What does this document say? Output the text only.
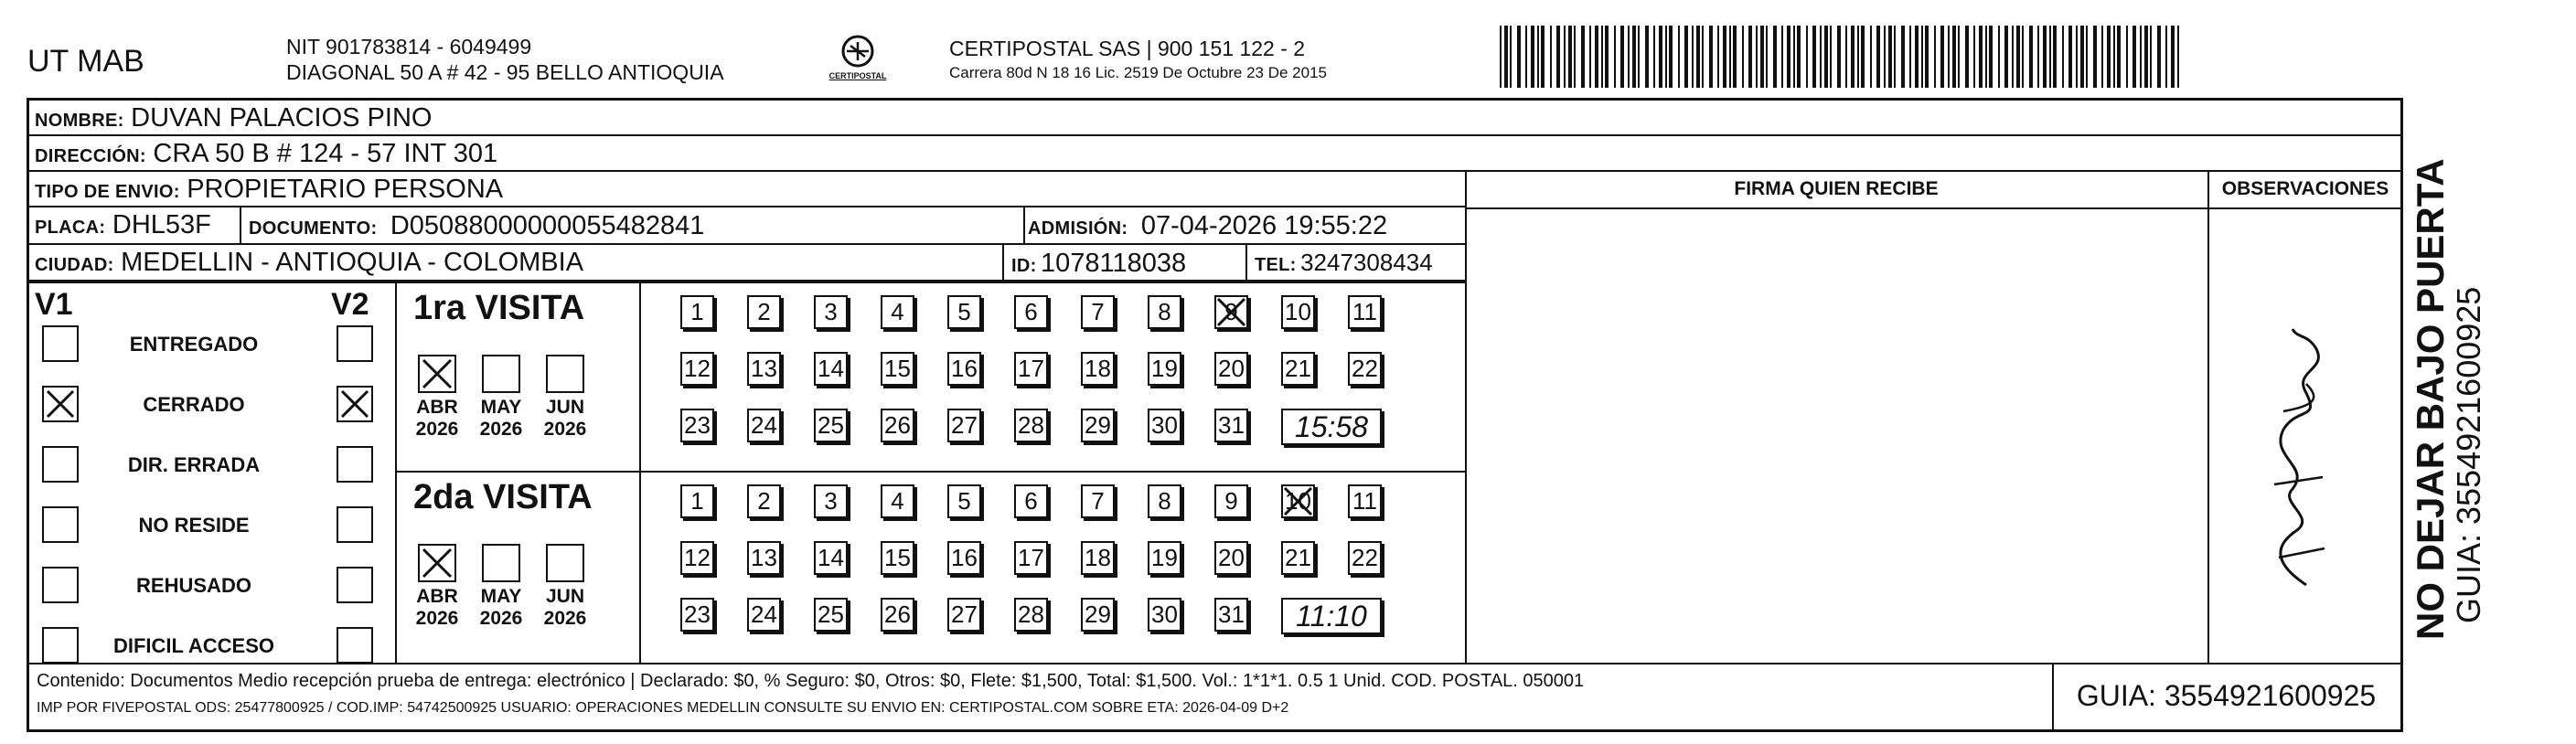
UT MAB	NIT 901783814 - 6049499
DIAGONAL 50 A # 42 - 95 BELLO ANTIOQUIA	CERTIPOSTAL
CERTIPOSTAL SAS | 900 151 122 - 2
Carrera 80d N 18 16 Lic. 2519 De Octubre 23 De 2015
NOMBRE: DUVAN PALACIOS PINO
DIRECCIÓN: CRA 50 B # 124 - 57 INT 301
TIPO DE ENVIO: PROPIETARIO PERSONA
PLACA: DHL53F	DOCUMENTO: D05088000000055482841	ADMISIÓN: 07-04-2026 19:55:22
CIUDAD: MEDELLIN - ANTIOQUIA - COLOMBIA	ID: 1078118038	TEL: 3247308434
FIRMA QUIEN RECIBE	OBSERVACIONES
V1	V2
ENTREGADO
CERRADO
DIR. ERRADA
NO RESIDE
REHUSADO
DIFICIL ACCESO
1ra VISITA
ABR
2026
MAY
2026
JUN
2026
1	2	3	4	5	6	7	8	9	10 11
12 13 14 15 16 17 18 19 20 21 22
23 24 25 26 27 28 29 30 31	15:58
2da VISITA
ABR
2026
MAY
2026
JUN
2026
1	2	3	4	5	6	7	8	9	10 11
12 13 14 15 16 17 18 19 20 21 22
23 24 25 26 27 28 29 30 31	11:10
Contenido: Documentos Medio recepción prueba de entrega: electrónico | Declarado: $0, % Seguro: $0, Otros: $0, Flete: $1,500, Total: $1,500. Vol.: 1*1*1. 0.5 1 Unid. COD. POSTAL. 050001
IMP POR FIVEPOSTAL ODS: 25477800925 / COD.IMP: 54742500925 USUARIO: OPERACIONES MEDELLIN CONSULTE SU ENVIO EN: CERTIPOSTAL.COM SOBRE ETA: 2026-04-09 D+2	GUIA: 3554921600925
NO DEJAR BAJO PUERTA
GUIA: 3554921600925
